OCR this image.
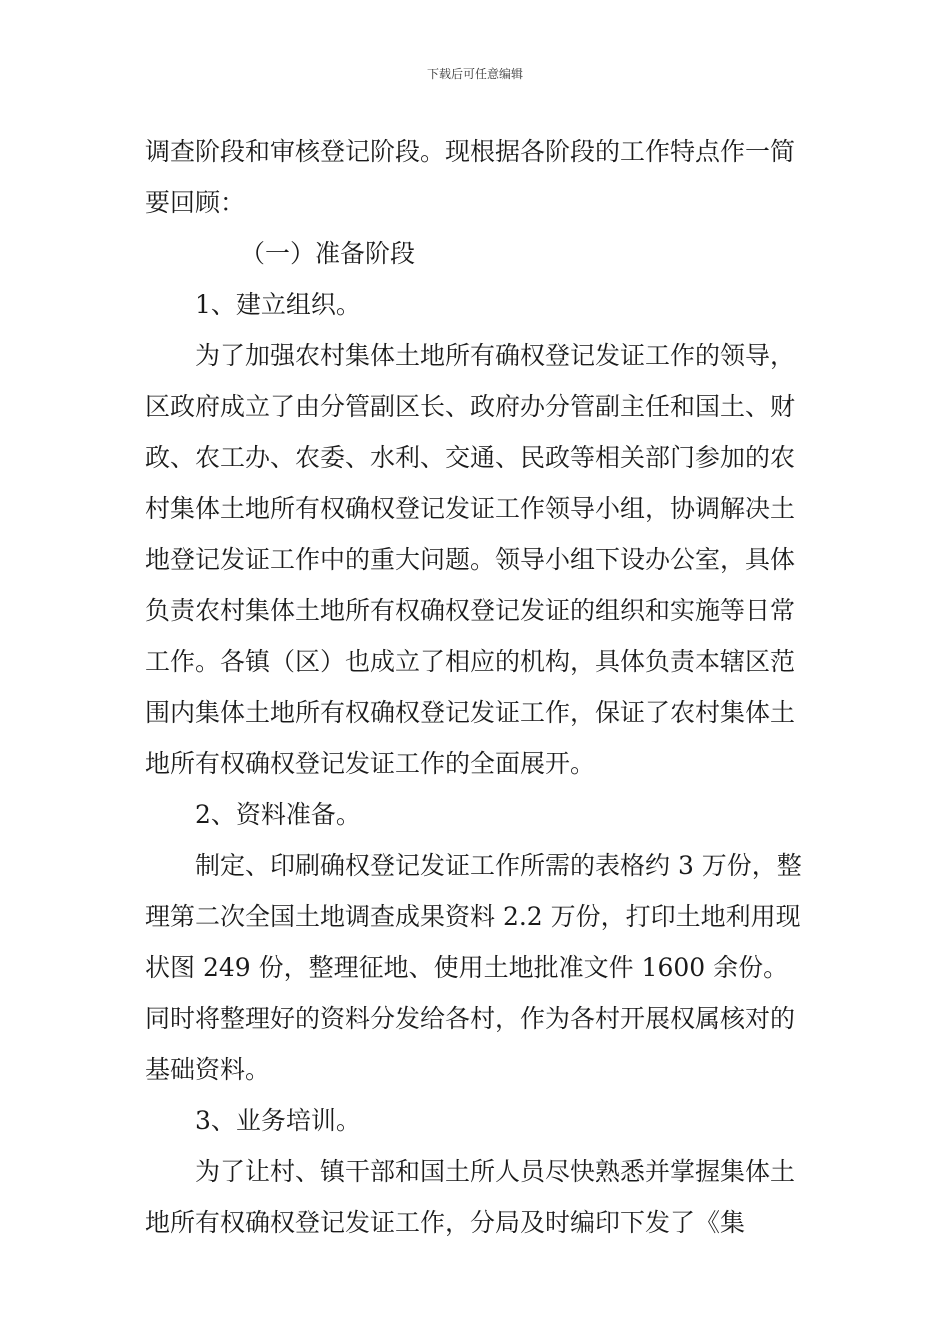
下载后可任意编辑

调查阶段和审核登记阶段。现根据各阶段的工作特点作一简要回顾：

（一）准备阶段

1、建立组织。

为了加强农村集体土地所有确权登记发证工作的领导，区政府成立了由分管副区长、政府办分管副主任和国土、财政、农工办、农委、水利、交通、民政等相关部门参加的农村集体土地所有权确权登记发证工作领导小组，协调解决土地登记发证工作中的重大问题。领导小组下设办公室，具体负责农村集体土地所有权确权登记发证的组织和实施等日常工作。各镇（区）也成立了相应的机构，具体负责本辖区范围内集体土地所有权确权登记发证工作，保证了农村集体土地所有权确权登记发证工作的全面展开。

2、资料准备。

制定、印刷确权登记发证工作所需的表格约 3 万份，整理第二次全国土地调查成果资料 2.2 万份，打印土地利用现状图 249 份，整理征地、使用土地批准文件 1600 余份。同时将整理好的资料分发给各村，作为各村开展权属核对的基础资料。

3、业务培训。

为了让村、镇干部和国土所人员尽快熟悉并掌握集体土地所有权确权登记发证工作，分局及时编印下发了《集
